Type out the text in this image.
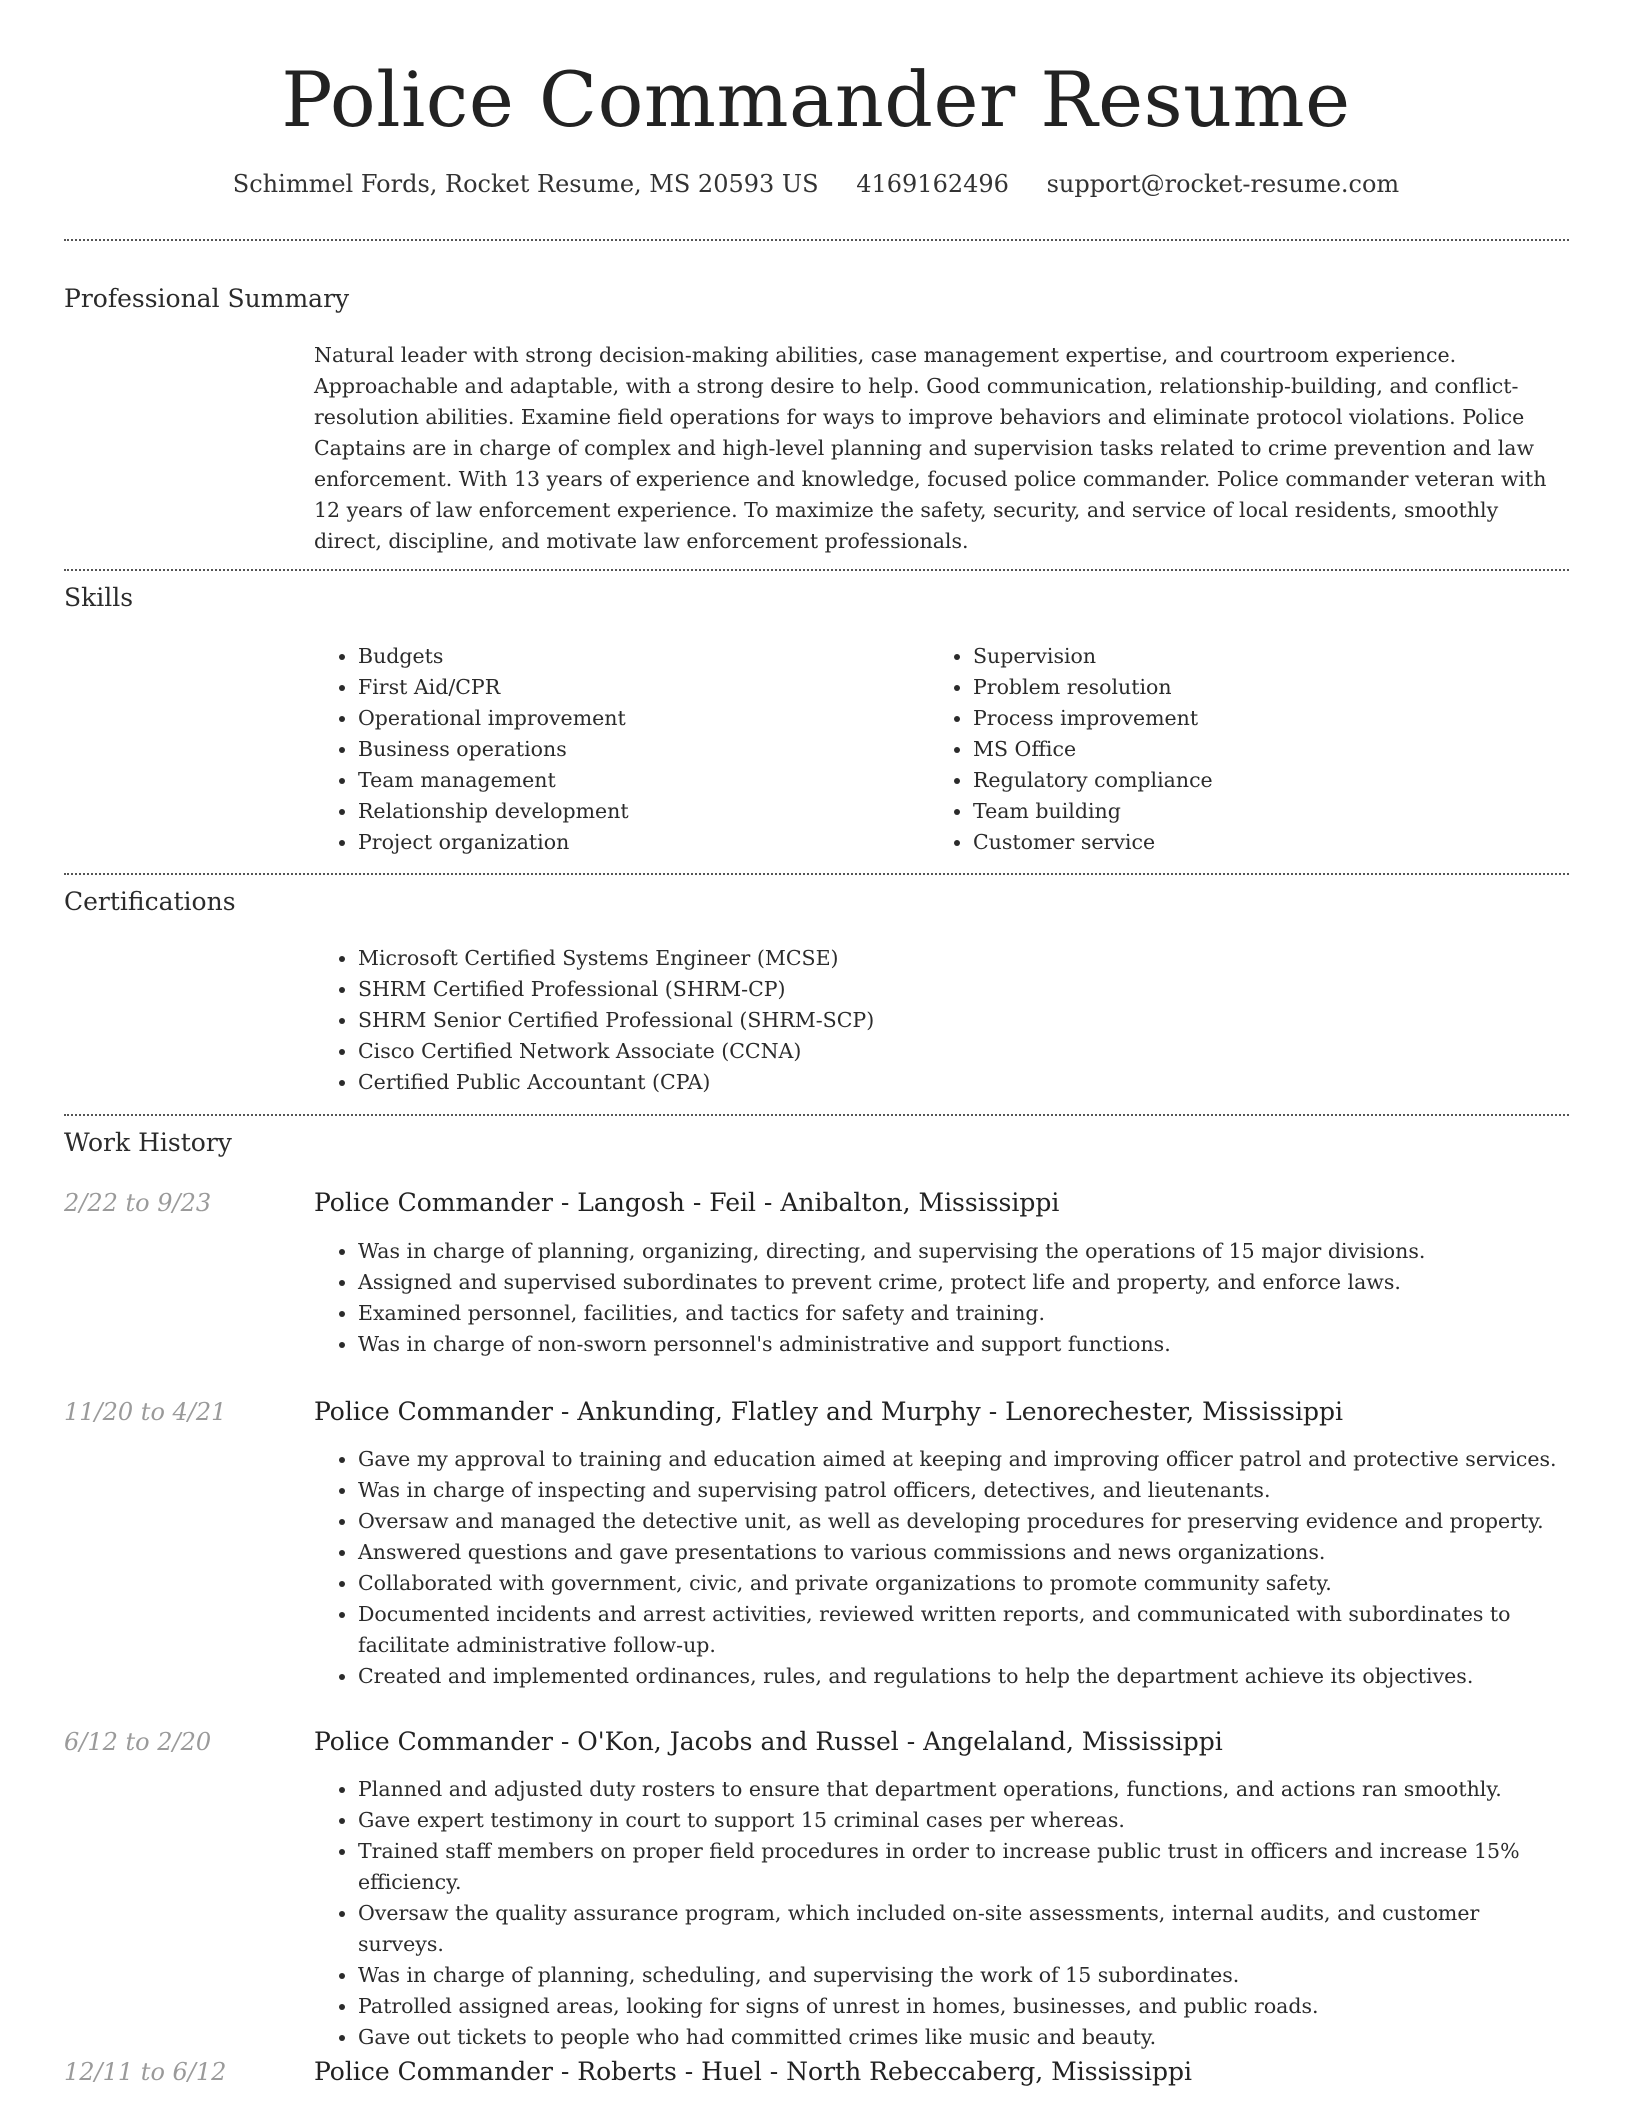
Police Commander Resume
Schimmel Fords, Rocket Resume, MS 20593 US 4169162496 support@rocket-resume.com
Professional Summary

Natural leader with strong decision-making abilities, case management expertise, and courtroom experience. Approachable and adaptable, with a strong desire to help. Good communication, relationship-building, and conflict-resolution abilities. Examine field operations for ways to improve behaviors and eliminate protocol violations. Police Captains are in charge of complex and high-level planning and supervision tasks related to crime prevention and law enforcement. With 13 years of experience and knowledge, focused police commander. Police commander veteran with 12 years of law enforcement experience. To maximize the safety, security, and service of local residents, smoothly direct, discipline, and motivate law enforcement professionals.

Skills
• Budgets
• First Aid/CPR
• Operational improvement
• Business operations
• Team management
• Relationship development
• Project organization
• Supervision
• Problem resolution
• Process improvement
• MS Office
• Regulatory compliance
• Team building
• Customer service
Certifications
• Microsoft Certified Systems Engineer (MCSE)
• SHRM Certified Professional (SHRM-CP)
• SHRM Senior Certified Professional (SHRM-SCP)
• Cisco Certified Network Associate (CCNA)
• Certified Public Accountant (CPA)
Work History
2/22 to 9/23	Police Commander - Langosh - Feil - Anibalton, Mississippi
• Was in charge of planning, organizing, directing, and supervising the operations of 15 major divisions.
• Assigned and supervised subordinates to prevent crime, protect life and property, and enforce laws.
• Examined personnel, facilities, and tactics for safety and training.
• Was in charge of non-sworn personnel's administrative and support functions.
11/20 to 4/21	Police Commander - Ankunding, Flatley and Murphy - Lenorechester, Mississippi
• Gave my approval to training and education aimed at keeping and improving officer patrol and protective services.
• Was in charge of inspecting and supervising patrol officers, detectives, and lieutenants.
• Oversaw and managed the detective unit, as well as developing procedures for preserving evidence and property.
• Answered questions and gave presentations to various commissions and news organizations.
• Collaborated with government, civic, and private organizations to promote community safety.
• Documented incidents and arrest activities, reviewed written reports, and communicated with subordinates to facilitate administrative follow-up.
• Created and implemented ordinances, rules, and regulations to help the department achieve its objectives.
6/12 to 2/20	Police Commander - O'Kon, Jacobs and Russel - Angelaland, Mississippi
• Planned and adjusted duty rosters to ensure that department operations, functions, and actions ran smoothly.
• Gave expert testimony in court to support 15 criminal cases per whereas.
• Trained staff members on proper field procedures in order to increase public trust in officers and increase 15% efficiency.
• Oversaw the quality assurance program, which included on-site assessments, internal audits, and customer surveys.
• Was in charge of planning, scheduling, and supervising the work of 15 subordinates.
• Patrolled assigned areas, looking for signs of unrest in homes, businesses, and public roads.
• Gave out tickets to people who had committed crimes like music and beauty.
12/11 to 6/12	Police Commander - Roberts - Huel - North Rebeccaberg, Mississippi
